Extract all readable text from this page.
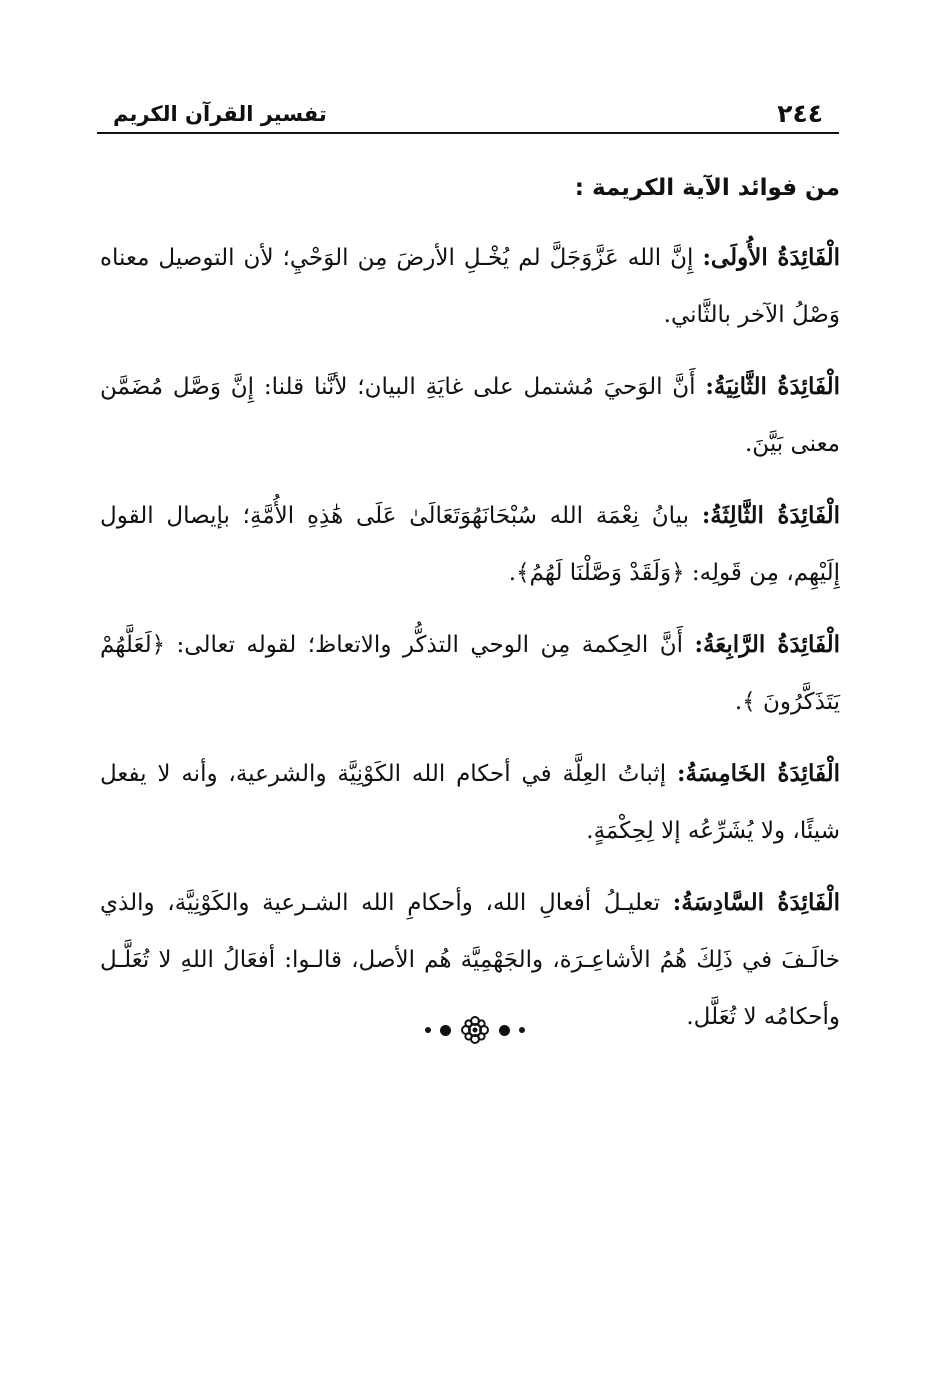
٢٤٤
تفسير القرآن الكريم
من فوائد الآية الكريمة :

الْفَائِدَةُ الأُولَى: إِنَّ الله عَزَّوَجَلَّ لم يُخْـلِ الأرضَ مِن الوَحْيِ؛ لأن التوصيل معناه وَصْلُ الآخر بالثَّاني.

الْفَائِدَةُ الثَّانِيَةُ: أَنَّ الوَحيَ مُشتمل على غايَةِ البيان؛ لأنَّنا قلنا: إِنَّ وَصَّل مُضَمَّن معنى بَيَّنَ.

الْفَائِدَةُ الثَّالِثَةُ: بيانُ نِعْمَة الله سُبْحَانَهُوَتَعَالَىٰ عَلَى هَٰذِهِ الأُمَّةِ؛ بإيصال القول إِلَيْهِم، مِن قَولِه: ﴿وَلَقَدْ وَصَّلْنَا لَهُمُ﴾.

الْفَائِدَةُ الرَّابِعَةُ: أَنَّ الحِكمة مِن الوحي التذكُّر والاتعاظ؛ لقوله تعالى: ﴿لَعَلَّهُمْ يَتَذَكَّرُونَ ﴾.

الْفَائِدَةُ الخَامِسَةُ: إثباتُ العِلَّة في أحكام الله الكَوْنِيَّة والشرعية، وأنه لا يفعل شيئًا، ولا يُشَرِّعُه إلا لِحِكْمَةٍ.

الْفَائِدَةُ السَّادِسَةُ: تعليـلُ أفعالِ الله، وأحكامِ الله الشـرعية والكَوْنِيَّة، والذي خالَـفَ في ذَلِكَ هُمُ الأشاعِـرَة، والجَهْمِيَّة هُم الأصل، قالـوا: أفعَالُ اللهِ لا تُعَلَّـل وأحكامُه لا تُعَلَّل.
